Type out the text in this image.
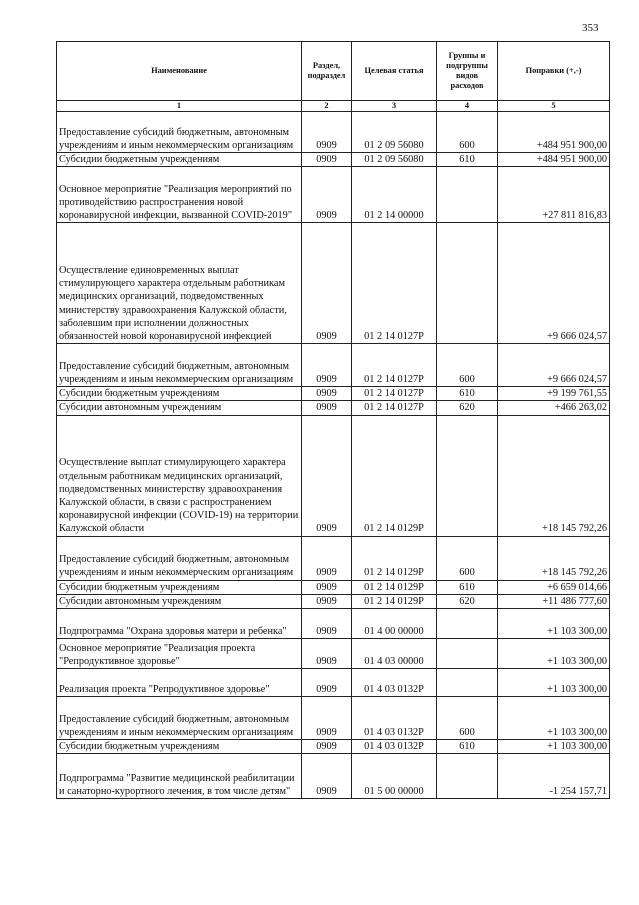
353
Наименование	Раздел, подраздел	Целевая статья	Группы и подгруппы видов расходов	Поправки (+,-)
1	2	3	4	5
Предоставление субсидий бюджетным, автономным учреждениям и иным некоммерческим организациям	0909	01 2 09 56080	600	+484 951 900,00
Субсидии бюджетным учреждениям	0909	01 2 09 56080	610	+484 951 900,00
Основное мероприятие "Реализация мероприятий по противодействию распространения новой коронавирусной инфекции, вызванной COVID-2019"	0909	01 2 14 00000		+27 811 816,83
Осуществление единовременных выплат стимулирующего характера отдельным работникам медицинских организаций, подведомственных министерству здравоохранения Калужской области, заболевшим при исполнении должностных обязанностей новой коронавирусной инфекцией	0909	01 2 14 0127Р		+9 666 024,57
Предоставление субсидий бюджетным, автономным учреждениям и иным некоммерческим организациям	0909	01 2 14 0127Р	600	+9 666 024,57
Субсидии бюджетным учреждениям	0909	01 2 14 0127Р	610	+9 199 761,55
Субсидии автономным учреждениям	0909	01 2 14 0127Р	620	+466 263,02
Осуществление выплат стимулирующего характера отдельным работникам медицинских организаций, подведомственных министерству здравоохранения Калужской области, в связи с распространением коронавирусной инфекции (COVID-19) на территории Калужской области	0909	01 2 14 0129Р		+18 145 792,26
Предоставление субсидий бюджетным, автономным учреждениям и иным некоммерческим организациям	0909	01 2 14 0129Р	600	+18 145 792,26
Субсидии бюджетным учреждениям	0909	01 2 14 0129Р	610	+6 659 014,66
Субсидии автономным учреждениям	0909	01 2 14 0129Р	620	+11 486 777,60
Подпрограмма "Охрана здоровья матери и ребенка"	0909	01 4 00 00000		+1 103 300,00
Основное мероприятие "Реализация проекта "Репродуктивное здоровье"	0909	01 4 03 00000		+1 103 300,00
Реализация проекта "Репродуктивное здоровье"	0909	01 4 03 0132Р		+1 103 300,00
Предоставление субсидий бюджетным, автономным учреждениям и иным некоммерческим организациям	0909	01 4 03 0132Р	600	+1 103 300,00
Субсидии бюджетным учреждениям	0909	01 4 03 0132Р	610	+1 103 300,00
Подпрограмма "Развитие медицинской реабилитации и санаторно-курортного лечения, в том числе детям"	0909	01 5 00 00000		-1 254 157,71
